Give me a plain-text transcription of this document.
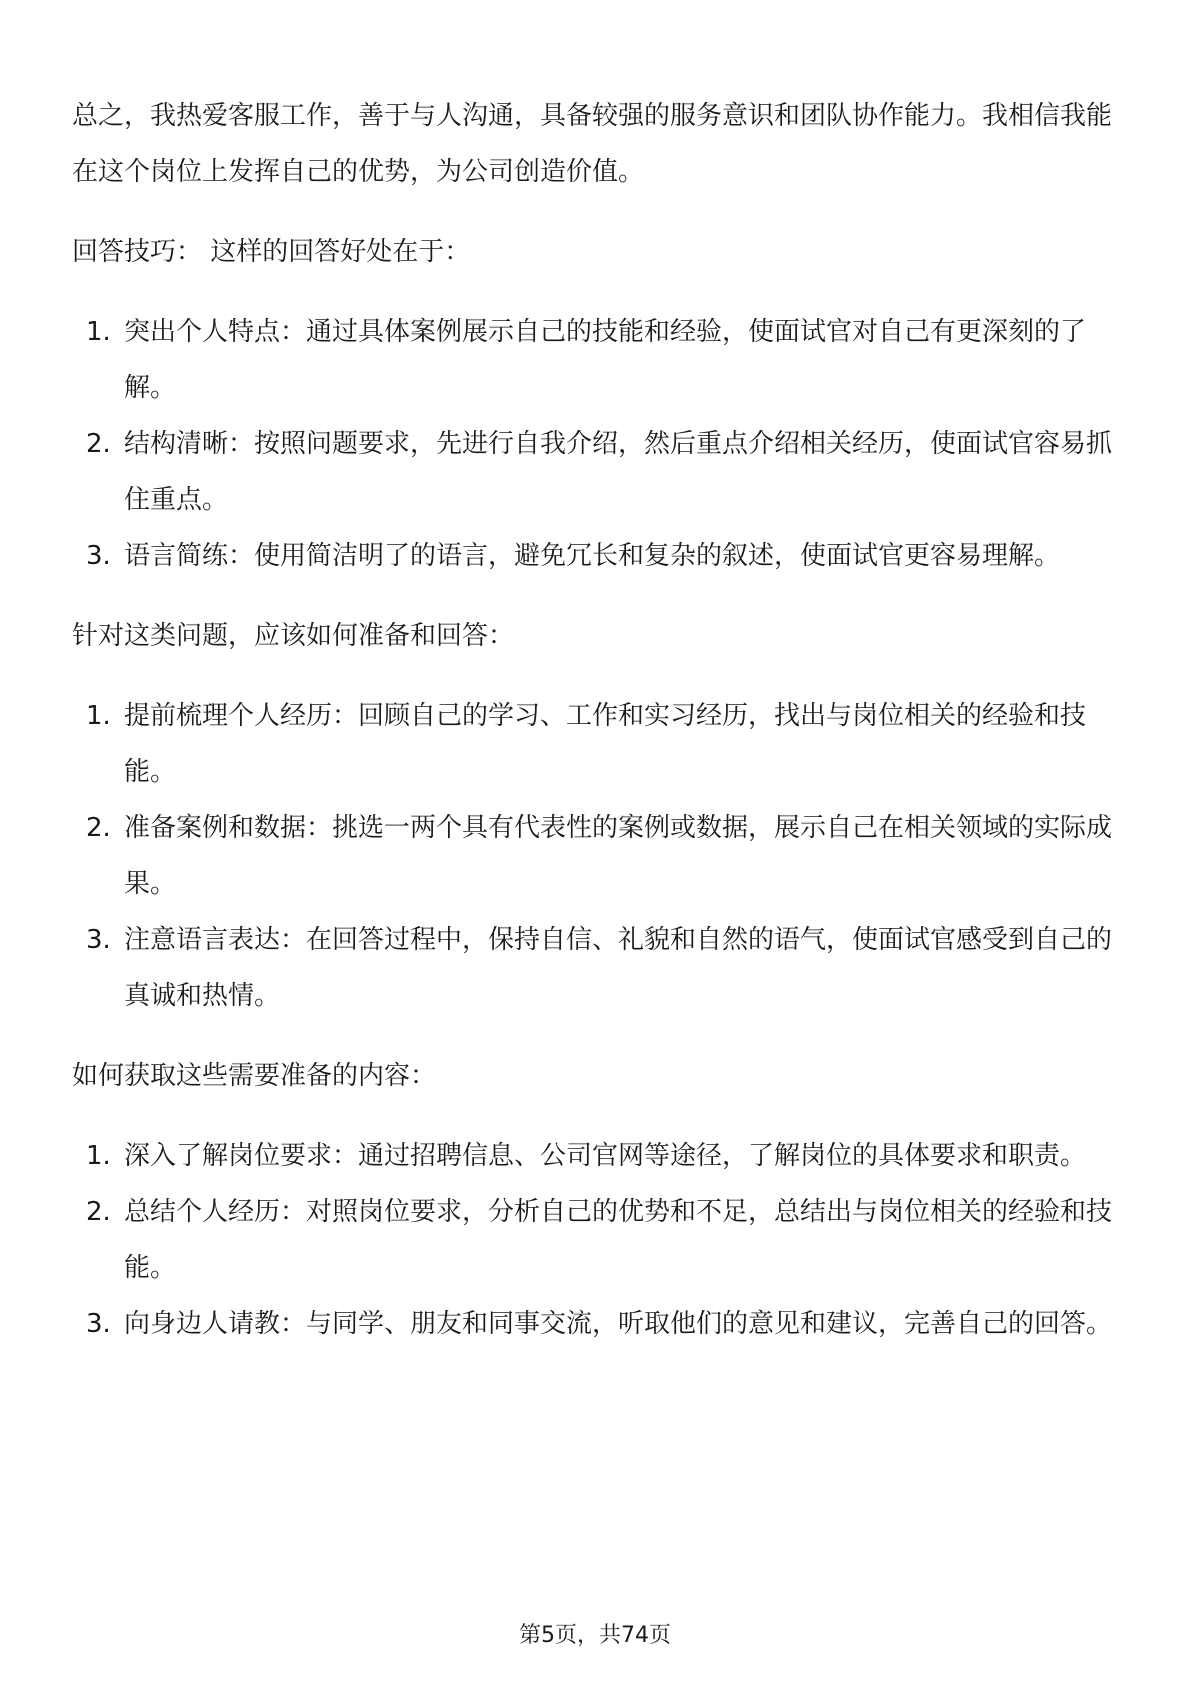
总之，我热爱客服工作，善于与人沟通，具备较强的服务意识和团队协作能力。我相信我能在这个岗位上发挥自己的优势，为公司创造价值。

回答技巧： 这样的回答好处在于：

1. 突出个人特点：通过具体案例展示自己的技能和经验，使面试官对自己有更深刻的了解。
2. 结构清晰：按照问题要求，先进行自我介绍，然后重点介绍相关经历，使面试官容易抓住重点。
3. 语言简练：使用简洁明了的语言，避免冗长和复杂的叙述，使面试官更容易理解。

针对这类问题，应该如何准备和回答：

1. 提前梳理个人经历：回顾自己的学习、工作和实习经历，找出与岗位相关的经验和技能。
2. 准备案例和数据：挑选一两个具有代表性的案例或数据，展示自己在相关领域的实际成果。
3. 注意语言表达：在回答过程中，保持自信、礼貌和自然的语气，使面试官感受到自己的真诚和热情。

如何获取这些需要准备的内容：

1. 深入了解岗位要求：通过招聘信息、公司官网等途径，了解岗位的具体要求和职责。
2. 总结个人经历：对照岗位要求，分析自己的优势和不足，总结出与岗位相关的经验和技能。
3. 向身边人请教：与同学、朋友和同事交流，听取他们的意见和建议，完善自己的回答。
第5页，共74页
